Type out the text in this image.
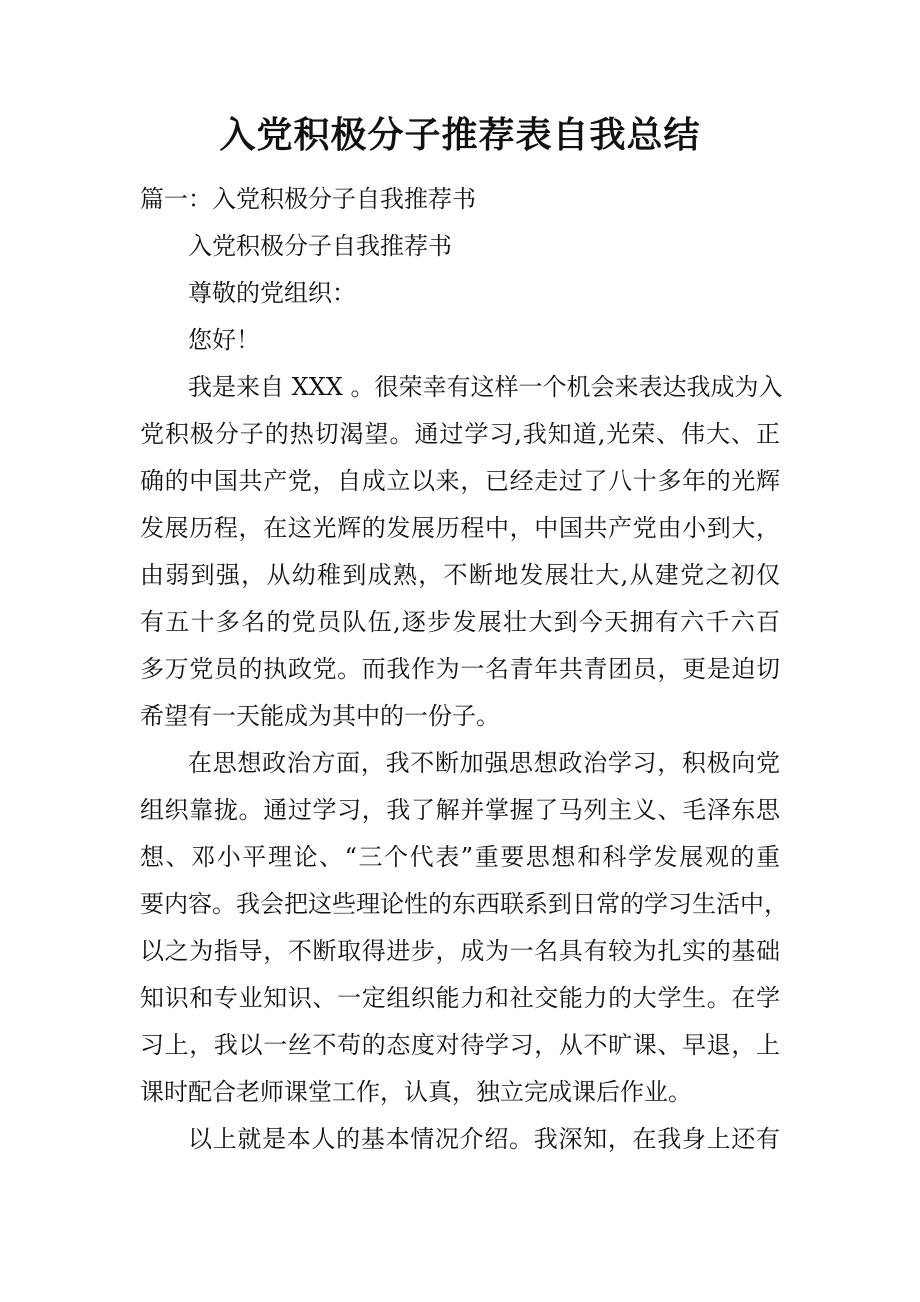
入党积极分子推荐表自我总结
篇一：入党积极分子自我推荐书
入党积极分子自我推荐书
尊敬的党组织：
您好！
我是来自 XXX 。很荣幸有这样一个机会来表达我成为入
党积极分子的热切渴望。通过学习,我知道,光荣、伟大、正
确的中国共产党，自成立以来，已经走过了八十多年的光辉
发展历程，在这光辉的发展历程中，中国共产党由小到大，
由弱到强，从幼稚到成熟，不断地发展壮大,从建党之初仅
有五十多名的党员队伍,逐步发展壮大到今天拥有六千六百
多万党员的执政党。而我作为一名青年共青团员，更是迫切
希望有一天能成为其中的一份子。
在思想政治方面，我不断加强思想政治学习，积极向党
组织靠拢。通过学习，我了解并掌握了马列主义、毛泽东思
想、邓小平理论、“三个代表”重要思想和科学发展观的重
要内容。我会把这些理论性的东西联系到日常的学习生活中，
以之为指导，不断取得进步，成为一名具有较为扎实的基础
知识和专业知识、一定组织能力和社交能力的大学生。在学
习上，我以一丝不苟的态度对待学习，从不旷课、早退，上
课时配合老师课堂工作，认真，独立完成课后作业。
以上就是本人的基本情况介绍。我深知，在我身上还有
